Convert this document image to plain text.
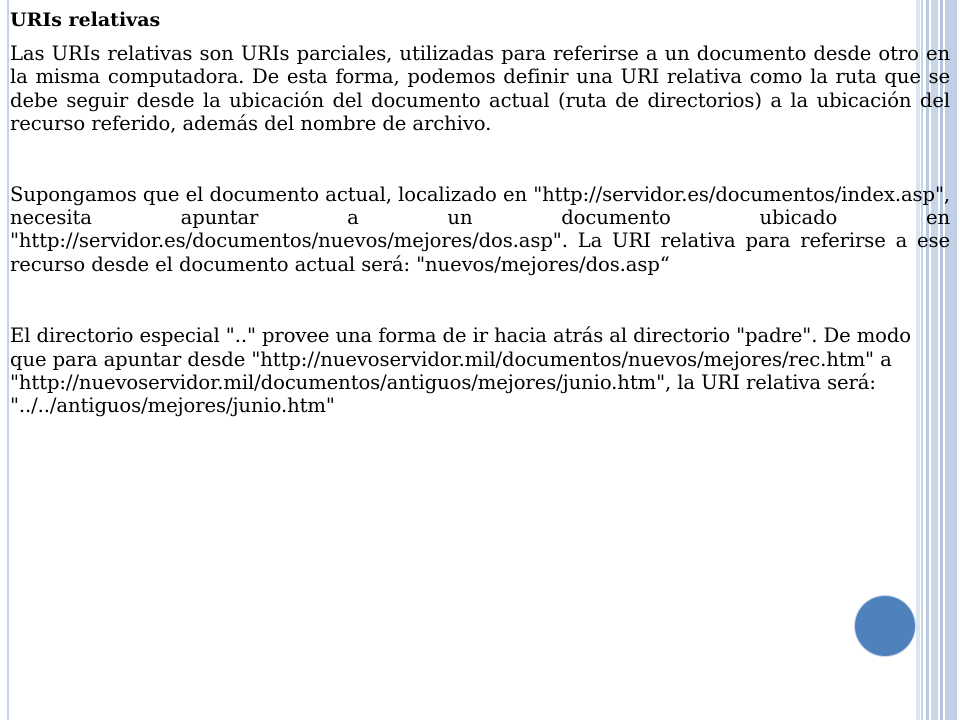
URIs relativas

Las URIs relativas son URIs parciales, utilizadas para referirse a un documento desde otro en la misma computadora. De esta forma, podemos definir una URI relativa como la ruta que se debe seguir desde la ubicación del documento actual (ruta de directorios) a la ubicación del recurso referido, además del nombre de archivo.

Supongamos que el documento actual, localizado en "http://servidor.es/documentos/index.asp", necesita apuntar a un documento ubicado en "http://servidor.es/documentos/nuevos/mejores/dos.asp". La URI relativa para referirse a ese recurso desde el documento actual será: "nuevos/mejores/dos.asp“

El directorio especial ".." provee una forma de ir hacia atrás al directorio "padre". De modo que para apuntar desde "http://nuevoservidor.mil/documentos/nuevos/mejores/rec.htm" a "http://nuevoservidor.mil/documentos/antiguos/mejores/junio.htm", la URI relativa será: "../../antiguos/mejores/junio.htm"
